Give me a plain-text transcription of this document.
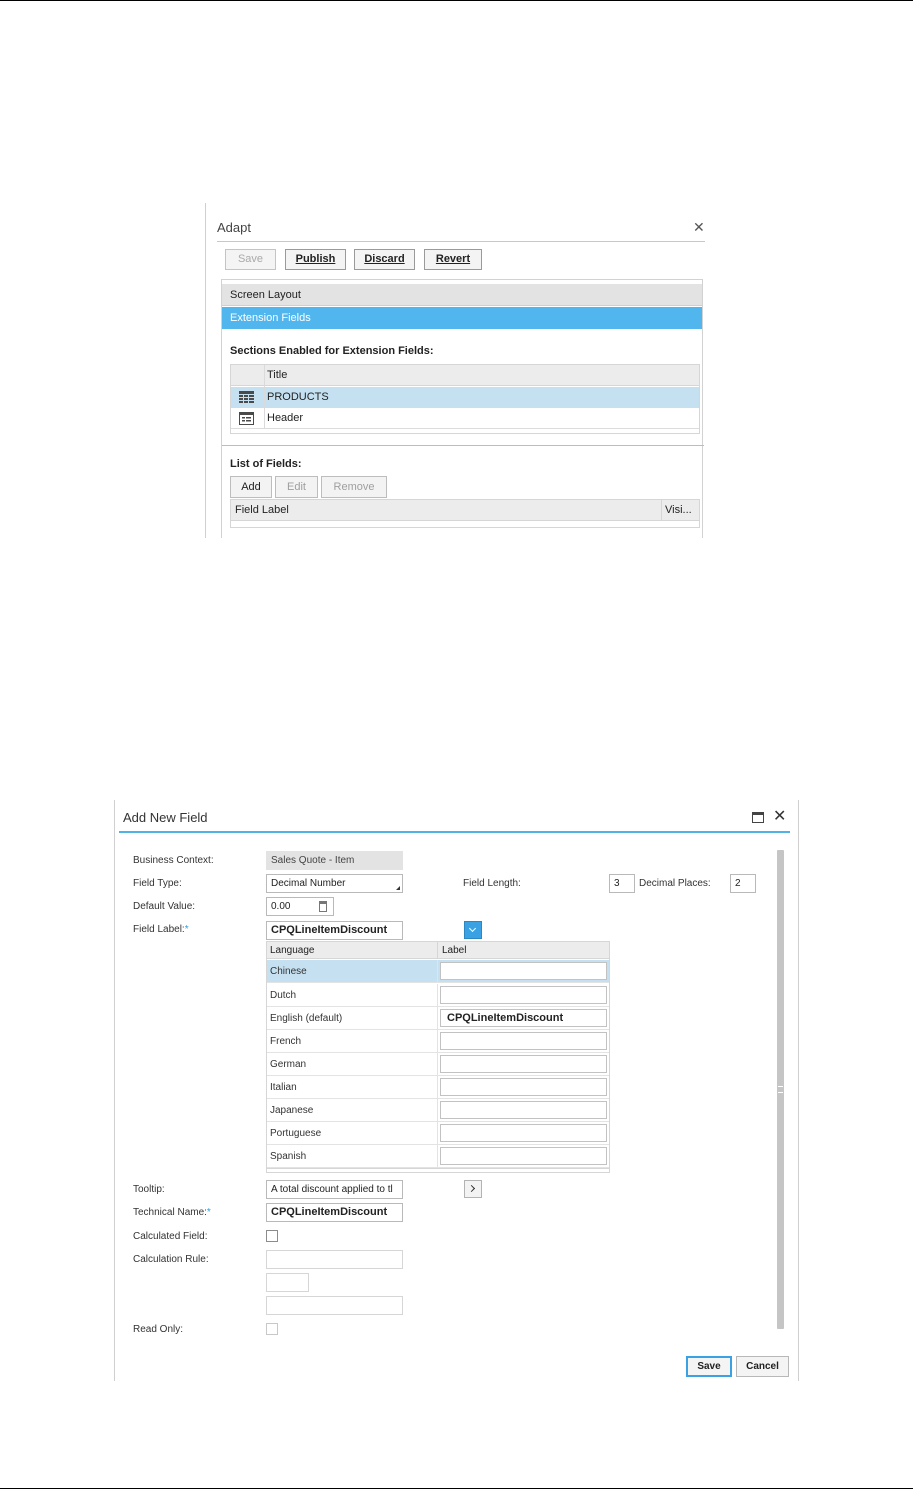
Adapt	✕
Save	Publish	Discard	Revert
Screen Layout
Extension Fields
Sections Enabled for Extension Fields:
Title
PRODUCTS
Header
List of Fields:
Add	Edit	Remove
Field Label	Visi...
Add New Field	✕
Business Context:	Sales Quote - Item
Field Type:	Decimal Number	Field Length:	3	Decimal Places:	2
Default Value:	0.00
Field Label:*	CPQLineItemDiscount
Language	Label
Chinese
Dutch
English (default)	CPQLineItemDiscount
French
German
Italian
Japanese
Portuguese
Spanish
Tooltip:	A total discount applied to tl
Technical Name:*	CPQLineItemDiscount
Calculated Field:
Calculation Rule:
Read Only:
Save	Cancel
